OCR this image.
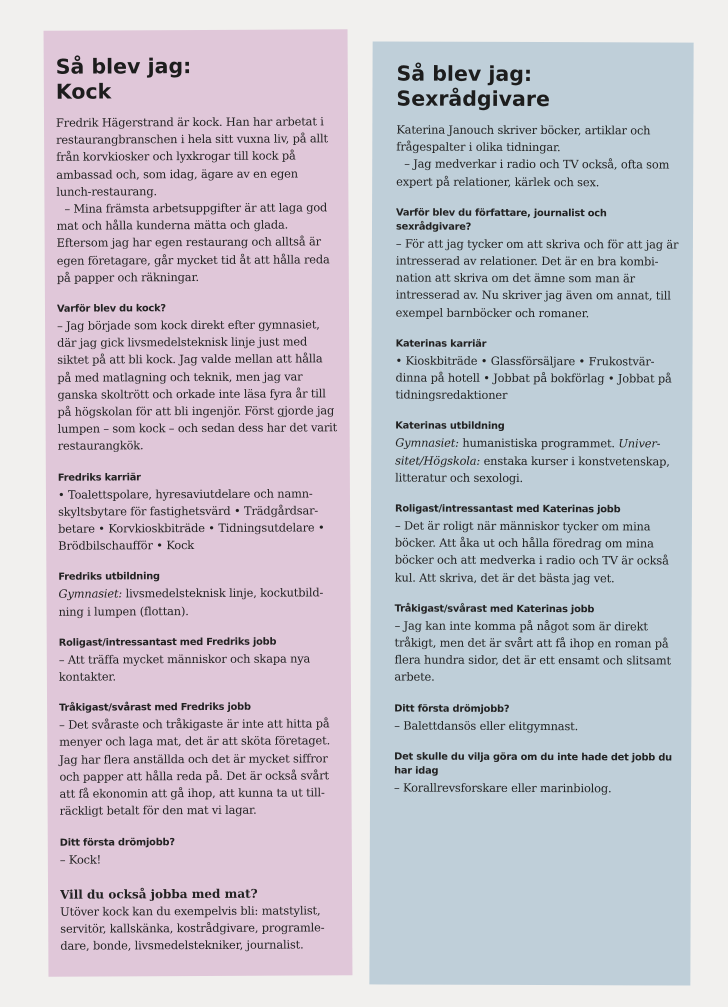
Så blev jag:
Kock

Fredrik Hägerstrand är kock. Han har arbetat i restaurangbranschen i hela sitt vuxna liv, på allt från korvkiosker och lyxkrogar till kock på ambassad och, som idag, ägare av en egen lunch-restaurang.

– Mina främsta arbetsuppgifter är att laga god mat och hålla kunderna mätta och glada. Eftersom jag har egen restaurang och alltså är egen företagare, går mycket tid åt att hålla reda på papper och räkningar.

Varför blev du kock?

– Jag började som kock direkt efter gymnasiet, där jag gick livsmedelsteknisk linje just med siktet på att bli kock. Jag valde mellan att hålla på med matlagning och teknik, men jag var ganska skoltrött och orkade inte läsa fyra år till på högskolan för att bli ingenjör. Först gjorde jag lumpen – som kock – och sedan dess har det varit restaurangkök.

Fredriks karriär

• Toalettspolare, hyresaviutdelare och namn-skyltsbytare för fastighetsvärd • Trädgårdsar-betare • Korvkioskbiträde • Tidningsutdelare • Brödbilschaufför • Kock

Fredriks utbildning

Gymnasiet: livsmedelsteknisk linje, kockutbild-ning i lumpen (flottan).

Roligast/intressantast med Fredriks jobb

– Att träffa mycket människor och skapa nya kontakter.

Tråkigast/svårast med Fredriks jobb

– Det svåraste och tråkigaste är inte att hitta på menyer och laga mat, det är att sköta företaget. Jag har flera anställda och det är mycket siffror och papper att hålla reda på. Det är också svårt att få ekonomin att gå ihop, att kunna ta ut till-räckligt betalt för den mat vi lagar.

Ditt första drömjobb?

– Kock!

Vill du också jobba med mat?

Utöver kock kan du exempelvis bli: matstylist, servitör, kallskänka, kostrådgivare, programle-dare, bonde, livsmedelstekniker, journalist.

Så blev jag:
Sexrådgivare

Katerina Janouch skriver böcker, artiklar och frågespalter i olika tidningar.

– Jag medverkar i radio och TV också, ofta som expert på relationer, kärlek och sex.

Varför blev du författare, journalist och sexrådgivare?

– För att jag tycker om att skriva och för att jag är intresserad av relationer. Det är en bra kombi-nation att skriva om det ämne som man är intresserad av. Nu skriver jag även om annat, till exempel barnböcker och romaner.

Katerinas karriär

• Kioskbiträde • Glassförsäljare • Frukostvär-dinna på hotell • Jobbat på bokförlag • Jobbat på tidningsredaktioner

Katerinas utbildning

Gymnasiet: humanistiska programmet. Univer-sitet/Högskola: enstaka kurser i konstvetenskap, litteratur och sexologi.

Roligast/intressantast med Katerinas jobb

– Det är roligt när människor tycker om mina böcker. Att åka ut och hålla föredrag om mina böcker och att medverka i radio och TV är också kul. Att skriva, det är det bästa jag vet.

Tråkigast/svårast med Katerinas jobb

– Jag kan inte komma på något som är direkt tråkigt, men det är svårt att få ihop en roman på flera hundra sidor, det är ett ensamt och slitsamt arbete.

Ditt första drömjobb?

– Balettdansös eller elitgymnast.

Det skulle du vilja göra om du inte hade det jobb du har idag

– Korallrevsforskare eller marinbiolog.
